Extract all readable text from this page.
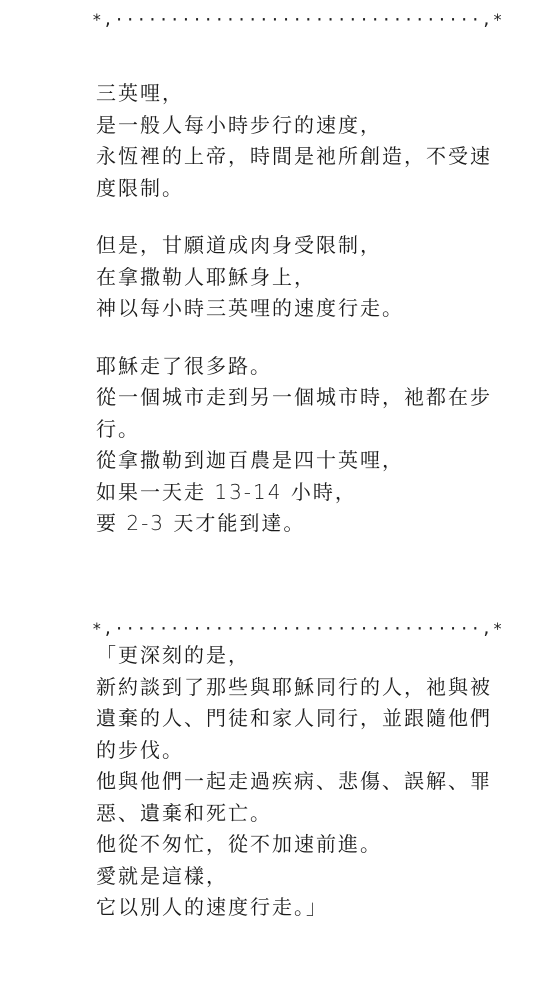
*,·································,*
三英哩，
是一般人每小時步行的速度，
永恆裡的上帝，時間是祂所創造，不受速
度限制。
但是，甘願道成肉身受限制，
在拿撒勒人耶穌身上，
神以每小時三英哩的速度行走。
耶穌走了很多路。
從一個城市走到另一個城市時，祂都在步
行。
從拿撒勒到迦百農是四十英哩，
如果一天走 13-14 小時，
要 2-3 天才能到達。
*,·································,*
「更深刻的是，
新約談到了那些與耶穌同行的人，祂與被
遺棄的人、門徒和家人同行，並跟隨他們
的步伐。
他與他們一起走過疾病、悲傷、誤解、罪
惡、遺棄和死亡。
他從不匆忙，從不加速前進。
愛就是這樣，
它以別人的速度行走。」
